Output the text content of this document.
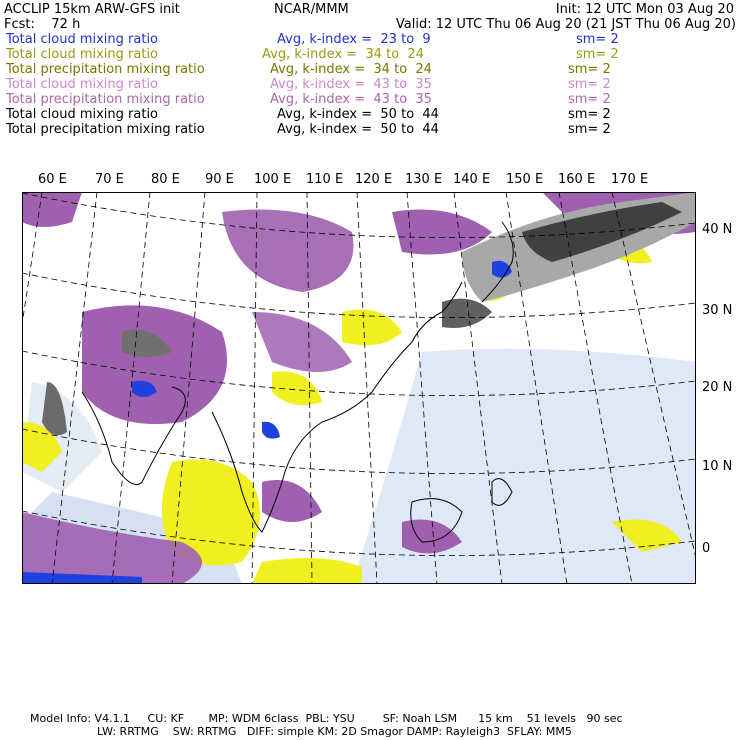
ACCLIP 15km ARW-GFS init	NCAR/MMM	Init: 12 UTC Mon 03 Aug 20
Fcst: 72 h	Valid: 12 UTC Thu 06 Aug 20 (21 JST Thu 06 Aug 20)
Total cloud mixing ratio	Avg, k-index =  23 to  9	sm= 2
Total cloud mixing ratio	Avg, k-index =  34 to  24	sm= 2
Total precipitation mixing ratio	Avg, k-index =  34 to  24	sm= 2
Total cloud mixing ratio	Avg, k-index =  43 to  35	sm= 2
Total precipitation mixing ratio	Avg, k-index =  43 to  35	sm= 2
Total cloud mixing ratio	Avg, k-index =  50 to  44	sm= 2
Total precipitation mixing ratio	Avg, k-index =  50 to  44	sm= 2
60 E 70 E 80 E 90 E 100 E 110 E 120 E 130 E 140 E 150 E 160 E 170 E
40 N
30 N
20 N
10 N
0
Model Info: V4.1.1     CU: KF       MP: WDM 6class  PBL: YSU        SF: Noah LSM      15 km    51 levels   90 sec
LW: RRTMG    SW: RRTMG   DIFF: simple KM: 2D Smagor DAMP: Rayleigh3  SFLAY: MM5
